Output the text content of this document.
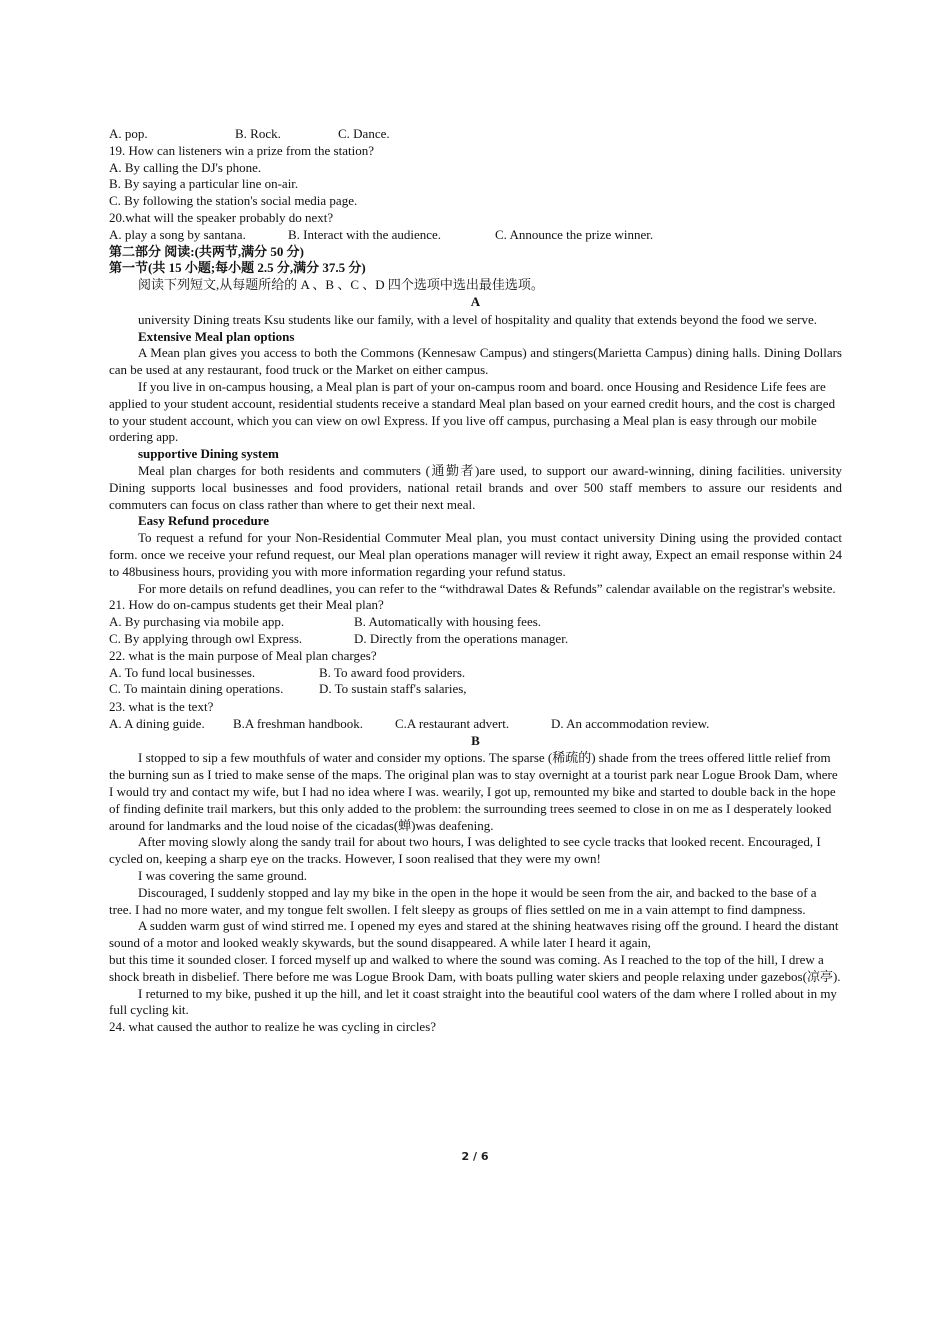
A. pop.	B. Rock.	C. Dance.

19. How can listeners win a prize from the station?

A. By calling the DJ's phone.

B. By saying a particular line on-air.

C. By following the station's social media page.

20.what will the speaker probably do next?

A. play a song by santana.	B. Interact with the audience.	C. Announce the prize winner.

第二部分 阅读:(共两节,满分 50 分)

第一节(共 15 小题;每小题 2.5 分,满分 37.5 分)

阅读下列短文,从每题所给的 A 、B 、C 、D 四个选项中选出最佳选项。

A

university Dining treats Ksu students like our family, with a level of hospitality and quality that extends beyond the food we serve.

Extensive Meal plan options

A Mean plan gives you access to both the Commons (Kennesaw Campus) and stingers(Marietta Campus) dining halls. Dining Dollars can be used at any restaurant, food truck or the Market on either campus.

If you live in on-campus housing, a Meal plan is part of your on-campus room and board. once Housing and Residence Life fees are applied to your student account, residential students receive a standard Meal plan based on your earned credit hours, and the cost is charged to your student account, which you can view on owl Express. If you live off campus, purchasing a Meal plan is easy through our mobile ordering app.

supportive Dining system

Meal plan charges for both residents and commuters (通勤者)are used, to support our award-winning, dining facilities. university Dining supports local businesses and food providers, national retail brands and over 500 staff members to assure our residents and commuters can focus on class rather than where to get their next meal.

Easy Refund procedure

To request a refund for your Non-Residential Commuter Meal plan, you must contact university Dining using the provided contact form. once we receive your refund request, our Meal plan operations manager will review it right away, Expect an email response within 24 to 48business hours, providing you with more information regarding your refund status.

For more details on refund deadlines, you can refer to the “withdrawal Dates & Refunds” calendar available on the registrar's website.

21. How do on-campus students get their Meal plan?

A. By purchasing via mobile app.	B. Automatically with housing fees.

C. By applying through owl Express.	D. Directly from the operations manager.

22. what is the main purpose of Meal plan charges?

A. To fund local businesses.	B. To award food providers.

C. To maintain dining operations.	D. To sustain staff's salaries,

23. what is the text?

A. A dining guide. B.A freshman handbook. C.A restaurant advert.	D. An accommodation review.

B

I stopped to sip a few mouthfuls of water and consider my options. The sparse (稀疏的) shade from the trees offered little relief from the burning sun as I tried to make sense of the maps. The original plan was to stay overnight at a tourist park near Logue Brook Dam, where I would try and contact my wife, but I had no idea where I was. wearily, I got up, remounted my bike and started to double back in the hope of finding definite trail markers, but this only added to the problem: the surrounding trees seemed to close in on me as I desperately looked around for landmarks and the loud noise of the cicadas(蝉)was deafening.

After moving slowly along the sandy trail for about two hours, I was delighted to see cycle tracks that looked recent. Encouraged, I cycled on, keeping a sharp eye on the tracks. However, I soon realised that they were my own!

I was covering the same ground.

Discouraged, I suddenly stopped and lay my bike in the open in the hope it would be seen from the air, and backed to the base of a tree. I had no more water, and my tongue felt swollen. I felt sleepy as groups of flies settled on me in a vain attempt to find dampness.

A sudden warm gust of wind stirred me. I opened my eyes and stared at the shining heatwaves rising off the ground. I heard the distant sound of a motor and looked weakly skywards, but the sound disappeared. A while later I heard it again,

but this time it sounded closer. I forced myself up and walked to where the sound was coming. As I reached to the top of the hill, I drew a shock breath in disbelief. There before me was Logue Brook Dam, with boats pulling water skiers and people relaxing under gazebos(凉亭).

I returned to my bike, pushed it up the hill, and let it coast straight into the beautiful cool waters of the dam where I rolled about in my full cycling kit.

24. what caused the author to realize he was cycling in circles?

2 / 6
